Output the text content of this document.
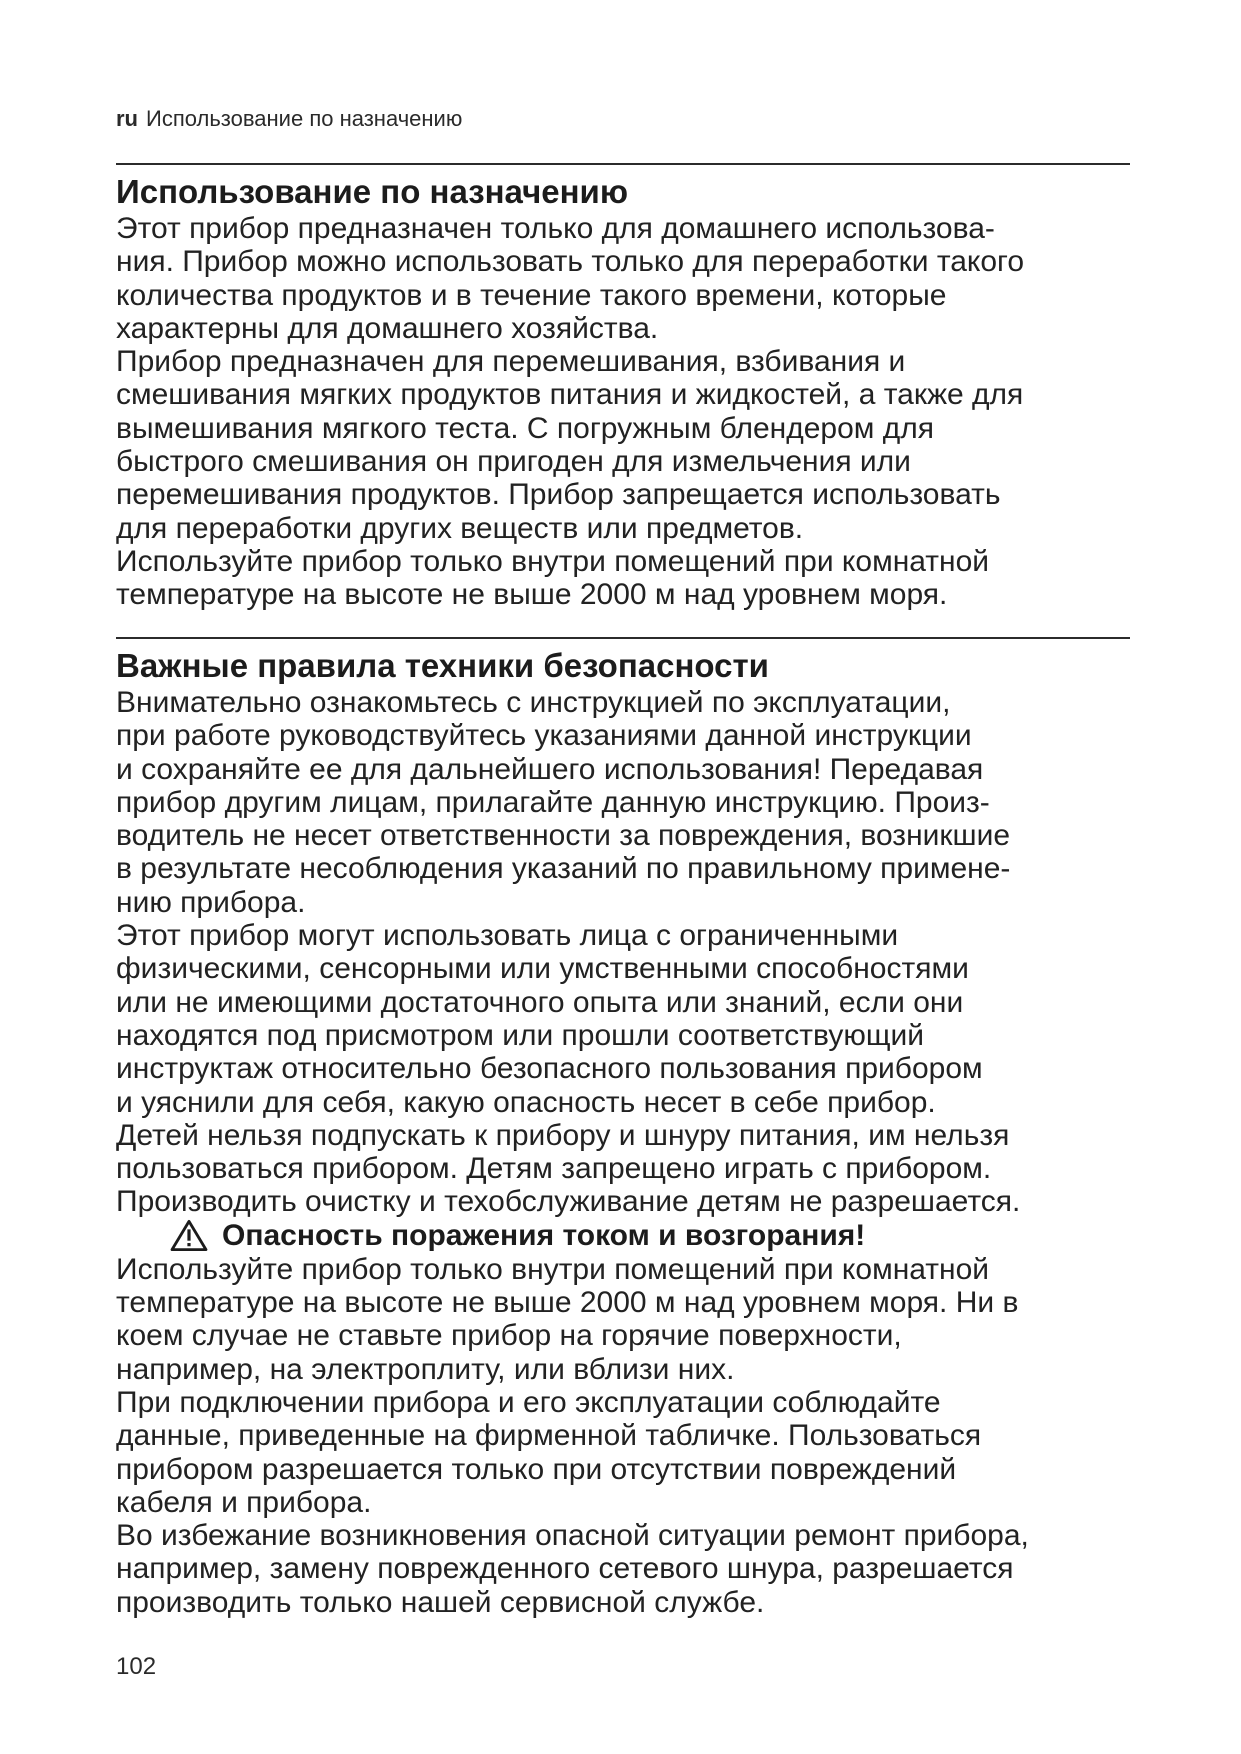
ru Использование по назначению
Использование по назначению

Этот прибор предназначен только для домашнего использова-
ния. Прибор можно использовать только для переработки такого
количества продуктов и в течение такого времени, которые
характерны для домашнего хозяйства.

Прибор предназначен для перемешивания, взбивания и
смешивания мягких продуктов питания и жидкостей, а также для
вымешивания мягкого теста. С погружным блендером для
быстрого смешивания он пригоден для измельчения или
перемешивания продуктов. Прибор запрещается использовать
для переработки других веществ или предметов.

Используйте прибор только внутри помещений при комнатной
температуре на высоте не выше 2000 м над уровнем моря.

Важные правила техники безопасности

Внимательно ознакомьтесь с инструкцией по эксплуатации,
при работе руководствуйтесь указаниями данной инструкции
и сохраняйте ее для дальнейшего использования! Передавая
прибор другим лицам, прилагайте данную инструкцию. Произ-
водитель не несет ответственности за повреждения, возникшие
в результате несоблюдения указаний по правильному примене-
нию прибора.

Этот прибор могут использовать лица с ограниченными
физическими, сенсорными или умственными способностями
или не имеющими достаточного опыта или знаний, если они
находятся под присмотром или прошли соответствующий
инструктаж относительно безопасного пользования прибором
и уяснили для себя, какую опасность несет в себе прибор.

Детей нельзя подпускать к прибору и шнуру питания, им нельзя
пользоваться прибором. Детям запрещено играть с прибором.
Производить очистку и техобслуживание детям не разрешается.

Опасность поражения током и возгорания!

Используйте прибор только внутри помещений при комнатной
температуре на высоте не выше 2000 м над уровнем моря. Ни в
коем случае не ставьте прибор на горячие поверхности,
например, на электроплиту, или вблизи них.

При подключении прибора и его эксплуатации соблюдайте
данные, приведенные на фирменной табличке. Пользоваться
прибором разрешается только при отсутствии повреждений
кабеля и прибора.

Во избежание возникновения опасной ситуации ремонт прибора,
например, замену поврежденного сетевого шнура, разрешается
производить только нашей сервисной службе.

102
